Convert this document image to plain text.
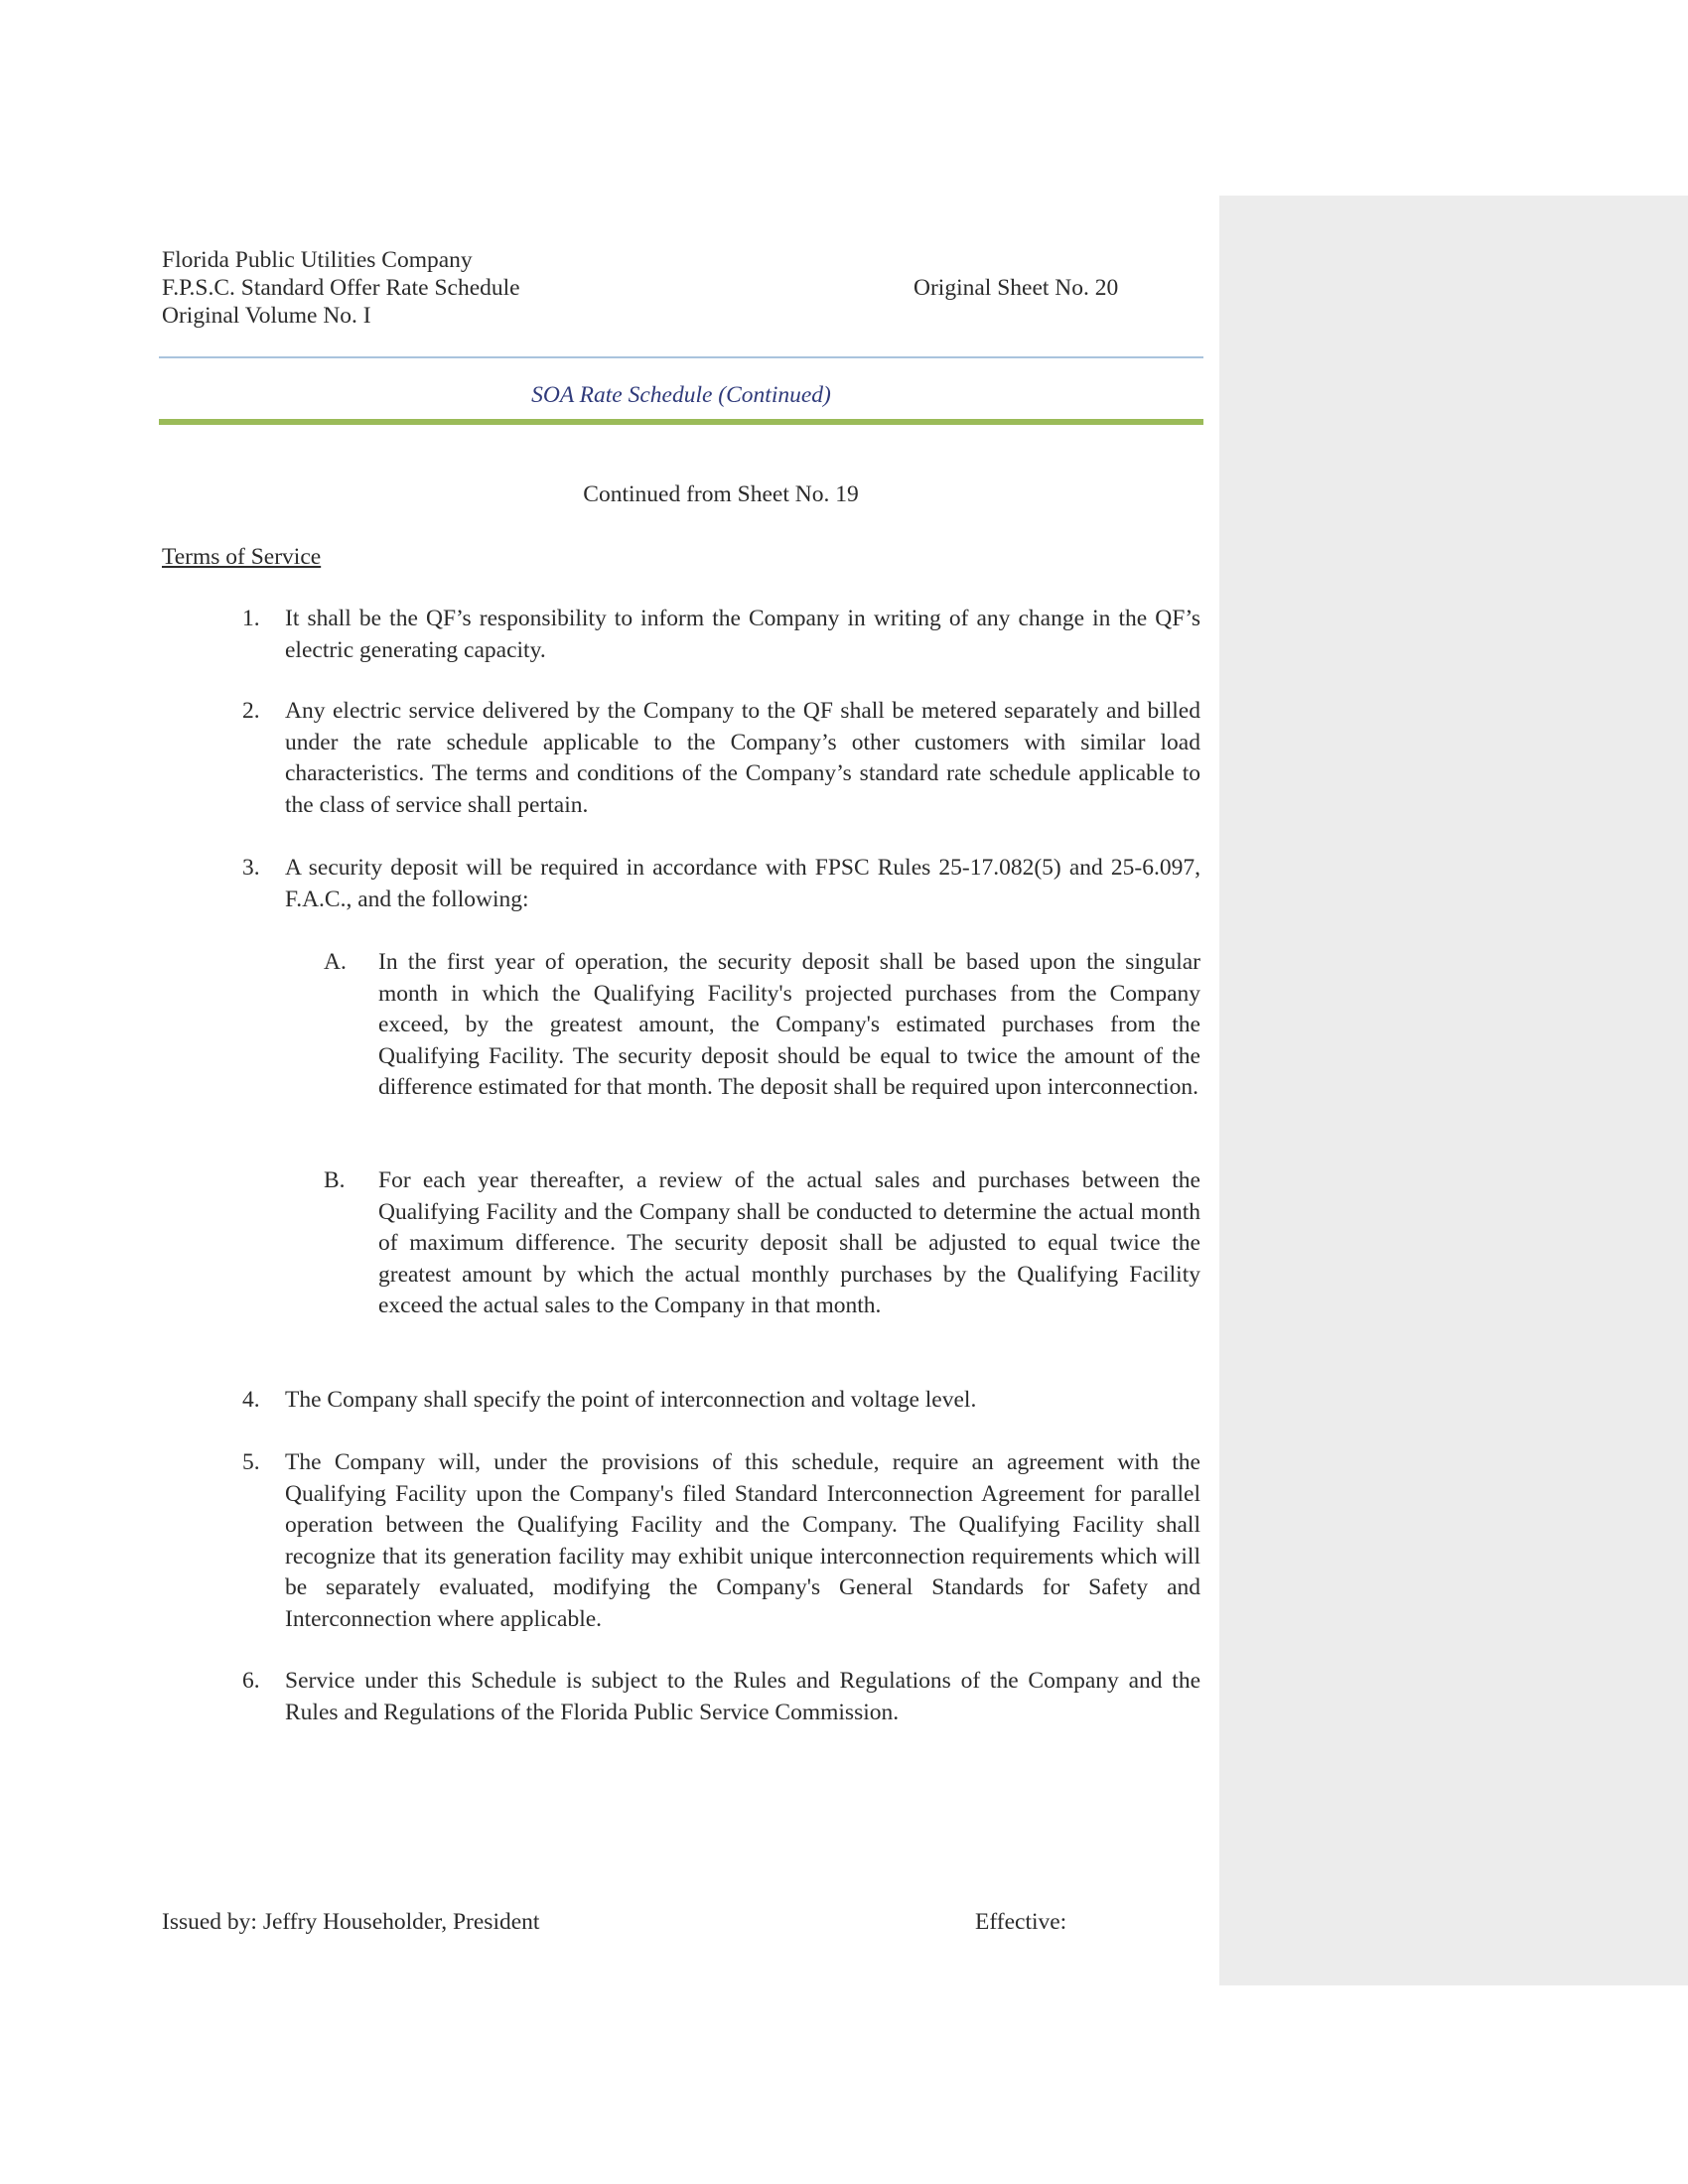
Florida Public Utilities Company
F.P.S.C. Standard Offer Rate Schedule
Original Volume No. I
Original Sheet No. 20
SOA Rate Schedule (Continued)
Continued from Sheet No. 19
Terms of Service
1. It shall be the QF’s responsibility to inform the Company in writing of any change in the QF’s electric generating capacity.
2. Any electric service delivered by the Company to the QF shall be metered separately and billed under the rate schedule applicable to the Company’s other customers with similar load characteristics. The terms and conditions of the Company’s standard rate schedule applicable to the class of service shall pertain.
3. A security deposit will be required in accordance with FPSC Rules 25-17.082(5) and 25-6.097, F.A.C., and the following:
A. In the first year of operation, the security deposit shall be based upon the singular month in which the Qualifying Facility's projected purchases from the Company exceed, by the greatest amount, the Company's estimated purchases from the Qualifying Facility. The security deposit should be equal to twice the amount of the difference estimated for that month. The deposit shall be required upon interconnection.
B. For each year thereafter, a review of the actual sales and purchases between the Qualifying Facility and the Company shall be conducted to determine the actual month of maximum difference. The security deposit shall be adjusted to equal twice the greatest amount by which the actual monthly purchases by the Qualifying Facility exceed the actual sales to the Company in that month.
4. The Company shall specify the point of interconnection and voltage level.
5. The Company will, under the provisions of this schedule, require an agreement with the Qualifying Facility upon the Company's filed Standard Interconnection Agreement for parallel operation between the Qualifying Facility and the Company. The Qualifying Facility shall recognize that its generation facility may exhibit unique interconnection requirements which will be separately evaluated, modifying the Company's General Standards for Safety and Interconnection where applicable.
6. Service under this Schedule is subject to the Rules and Regulations of the Company and the Rules and Regulations of the Florida Public Service Commission.
Issued by: Jeffry Householder, President	Effective:
